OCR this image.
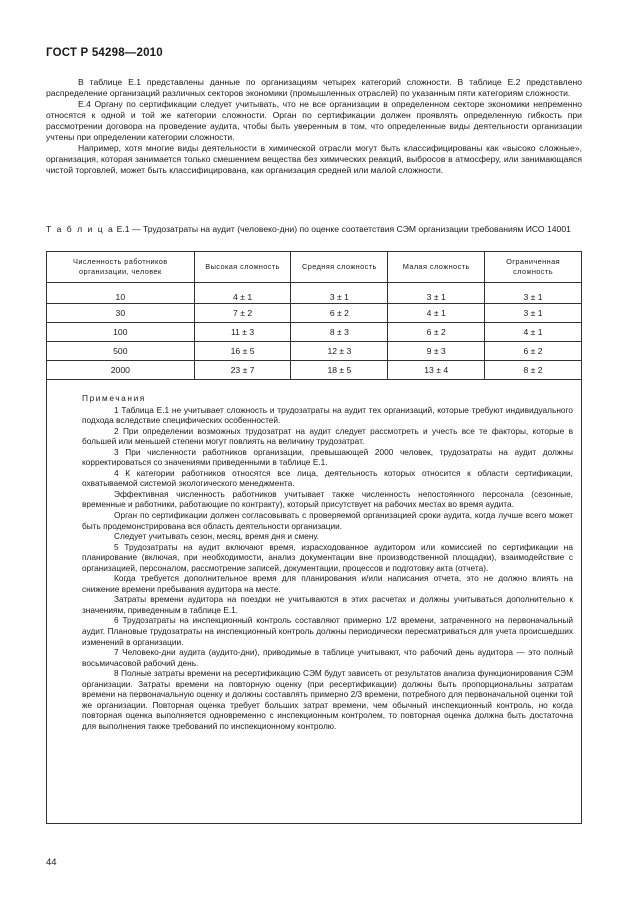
ГОСТ Р 54298—2010

В таблице Е.1 представлены данные по организациям четырех категорий сложности. В таблице Е.2 представлено распределение организаций различных секторов экономики (промышленных отраслей) по указанным пяти категориям сложности.

Е.4 Органу по сертификации следует учитывать, что не все организации в определенном секторе экономики непременно относятся к одной и той же категории сложности. Орган по сертификации должен проявлять определенную гибкость при рассмотрении договора на проведение аудита, чтобы быть уверенным в том, что определенные виды деятельности организации учтены при определении категории сложности.

Например, хотя многие виды деятельности в химической отрасли могут быть классифицированы как «высоко сложные», организация, которая занимается только смешением вещества без химических реакций, выбросов в атмосферу, или занимающаяся чистой торговлей, может быть классифицирована, как организация средней или малой сложности.

Т а б л и ц а Е.1 — Трудозатраты на аудит (человеко-дни) по оценке соответствия СЭМ организации требованиям ИСО 14001
Численность работников организации, человек	Высокая сложность	Средняя сложность	Малая сложность	Ограниченная сложность
10	4 ± 1	3 ± 1	3 ± 1	3 ± 1
30	7 ± 2	6 ± 2	4 ± 1	3 ± 1
100	11 ± 3	8 ± 3	6 ± 2	4 ± 1
500	16 ± 5	12 ± 3	9 ± 3	6 ± 2
2000	23 ± 7	18 ± 5	13 ± 4	8 ± 2

Примечания

1 Таблица Е.1 не учитывает сложность и трудозатраты на аудит тех организаций, которые требуют индивидуального подхода вследствие специфических особенностей.

2 При определении возможных трудозатрат на аудит следует рассмотреть и учесть все те факторы, которые в большей или меньшей степени могут повлиять на величину трудозатрат.

3 При численности работников организации, превышающей 2000 человек, трудозатраты на аудит должны корректироваться со значениями приведенными в таблице Е.1.

4 К категории работников относятся все лица, деятельность которых относится к области сертификации, охватываемой системой экологического менеджмента.

Эффективная численность работников учитывает также численность непостоянного персонала (сезонные, временные и работники, работающие по контракту), который присутствует на рабочих местах во время аудита.

Орган по сертификации должен согласовывать с проверяемой организацией сроки аудита, когда лучше всего может быть продемонстрирована вся область деятельности организации.

Следует учитывать сезон, месяц, время дня и смену.

5 Трудозатраты на аудит включают время, израсходованное аудитором или комиссией по сертификации на планирование (включая, при необходимости, анализ документации вне производственной площадки), взаимодействие с организацией, персоналом, рассмотрение записей, документации, процессов и подготовку акта (отчета).

Когда требуется дополнительное время для планирования и/или написания отчета, это не должно влиять на снижение времени пребывания аудитора на месте.

Затраты времени аудитора на поездки не учитываются в этих расчетах и должны учитываться дополнительно к значениям, приведенным в таблице Е.1.

6 Трудозатраты на инспекционный контроль составляют примерно 1/2 времени, затраченного на первоначальный аудит. Плановые трудозатраты на инспекционный контроль должны периодически пересматриваться для учета происшедших изменений в организации.

7 Человеко-дни аудита (аудито-дни), приводимые в таблице учитывают, что рабочий день аудитора — это полный восьмичасовой рабочий день.

8 Полные затраты времени на ресертификацию СЭМ будут зависеть от результатов анализа функционирования СЭМ организации. Затраты времени на повторную оценку (при ресертификации) должны быть пропорциональны затратам времени на первоначальную оценку и должны составлять примерно 2/3 времени, потребного для первоначальной оценки той же организации. Повторная оценка требует больших затрат времени, чем обычный инспекционный контроль, но когда повторная оценка выполняется одновременно с инспекционным контролем, то повторная оценка должна быть достаточна для выполнения также требований по инспекционному контролю.

44
